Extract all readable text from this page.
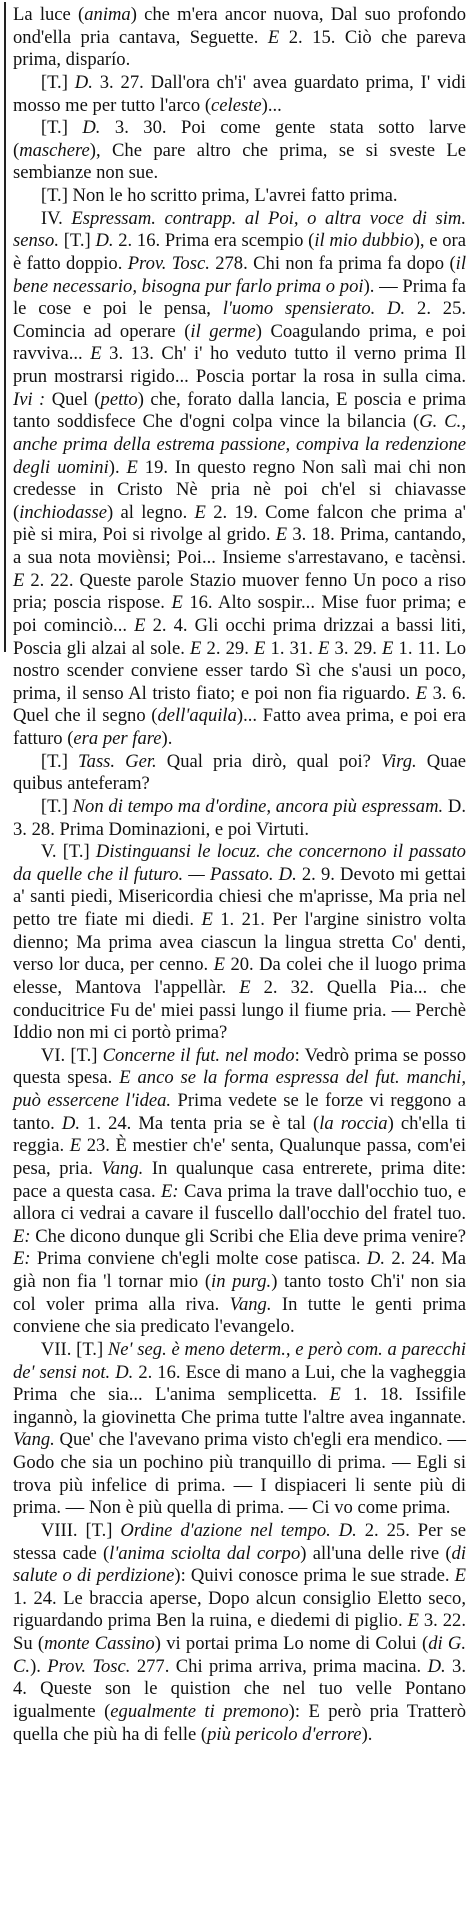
La luce (anima) che m'era ancor nuova, Dal suo profondo ond'ella pria cantava, Seguette. E 2. 15. Ciò che pareva prima, disparío.

[T.] D. 3. 27. Dall'ora ch'i' avea guardato prima, I' vidi mosso me per tutto l'arco (celeste)...

[T.] D. 3. 30. Poi come gente stata sotto larve (maschere), Che pare altro che prima, se si sveste Le sembianze non sue.

[T.] Non le ho scritto prima, L'avrei fatto prima.

IV. Espressam. contrapp. al Poi, o altra voce di sim. senso. [T.] D. 2. 16. Prima era scempio (il mio dubbio), e ora è fatto doppio. Prov. Tosc. 278. Chi non fa prima fa dopo (il bene necessario, bisogna pur farlo prima o poi). — Prima fa le cose e poi le pensa, l'uomo spensierato. D. 2. 25. Comincia ad operare (il germe) Coagulando prima, e poi ravviva... E 3. 13. Ch' i' ho veduto tutto il verno prima Il prun mostrarsi rigido... Poscia portar la rosa in sulla cima. Ivi : Quel (petto) che, forato dalla lancia, E poscia e prima tanto soddisfece Che d'ogni colpa vince la bilancia (G. C., anche prima della estrema passione, compiva la redenzione degli uomini). E 19. In questo regno Non salì mai chi non credesse in Cristo Nè pria nè poi ch'el si chiavasse (inchiodasse) al legno. E 2. 19. Come falcon che prima a' piè si mira, Poi si rivolge al grido. E 3. 18. Prima, cantando, a sua nota moviènsi; Poi... Insieme s'arrestavano, e tacènsi. E 2. 22. Queste parole Stazio muover fenno Un poco a riso pria; poscia rispose. E 16. Alto sospir... Mise fuor prima; e poi cominciò... E 2. 4. Gli occhi prima drizzai a bassi liti, Poscia gli alzai al sole. E 2. 29. E 1. 31. E 3. 29. E 1. 11. Lo nostro scender conviene esser tardo Sì che s'ausi un poco, prima, il senso Al tristo fiato; e poi non fia riguardo. E 3. 6. Quel che il segno (dell'aquila)... Fatto avea prima, e poi era fatturo (era per fare).

[T.] Tass. Ger. Qual pria dirò, qual poi? Virg. Quae quibus anteferam?

[T.] Non di tempo ma d'ordine, ancora più espressam. D. 3. 28. Prima Dominazioni, e poi Virtuti.

V. [T.] Distinguansi le locuz. che concernono il passato da quelle che il futuro. — Passato. D. 2. 9. Devoto mi gettai a' santi piedi, Misericordia chiesi che m'aprisse, Ma pria nel petto tre fiate mi diedi. E 1. 21. Per l'argine sinistro volta dienno; Ma prima avea ciascun la lingua stretta Co' denti, verso lor duca, per cenno. E 20. Da colei che il luogo prima elesse, Mantova l'appellàr. E 2. 32. Quella Pia... che conducitrice Fu de' miei passi lungo il fiume pria. — Perchè Iddio non mi ci portò prima?

VI. [T.] Concerne il fut. nel modo: Vedrò prima se posso questa spesa. E anco se la forma espressa del fut. manchi, può essercene l'idea. Prima vedete se le forze vi reggono a tanto. D. 1. 24. Ma tenta pria se è tal (la roccia) ch'ella ti reggia. E 23. È mestier ch'e' senta, Qualunque passa, com'ei pesa, pria. Vang. In qualunque casa entrerete, prima dite: pace a questa casa. E: Cava prima la trave dall'occhio tuo, e allora ci vedrai a cavare il fuscello dall'occhio del fratel tuo. E: Che dicono dunque gli Scribi che Elia deve prima venire? E: Prima conviene ch'egli molte cose patisca. D. 2. 24. Ma già non fia 'l tornar mio (in purg.) tanto tosto Ch'i' non sia col voler prima alla riva. Vang. In tutte le genti prima conviene che sia predicato l'evangelo.

VII. [T.] Ne' seg. è meno determ., e però com. a parecchi de' sensi not. D. 2. 16. Esce di mano a Lui, che la vagheggia Prima che sia... L'anima semplicetta. E 1. 18. Issifile ingannò, la giovinetta Che prima tutte l'altre avea ingannate. Vang. Que' che l'avevano prima visto ch'egli era mendico. — Godo che sia un pochino più tranquillo di prima. — Egli si trova più infelice di prima. — I dispiaceri li sente più di prima. — Non è più quella di prima. — Ci vo come prima.

VIII. [T.] Ordine d'azione nel tempo. D. 2. 25. Per se stessa cade (l'anima sciolta dal corpo) all'una delle rive (di salute o di perdizione): Quivi conosce prima le sue strade. E 1. 24. Le braccia aperse, Dopo alcun consiglio Eletto seco, riguardando prima Ben la ruina, e diedemi di piglio. E 3. 22. Su (monte Cassino) vi portai prima Lo nome di Colui (di G. C.). Prov. Tosc. 277. Chi prima arriva, prima macina. D. 3. 4. Queste son le quistion che nel tuo velle Pontano igualmente (egualmente ti premono): E però pria Tratterò quella che più ha di felle (più pericolo d'errore).
